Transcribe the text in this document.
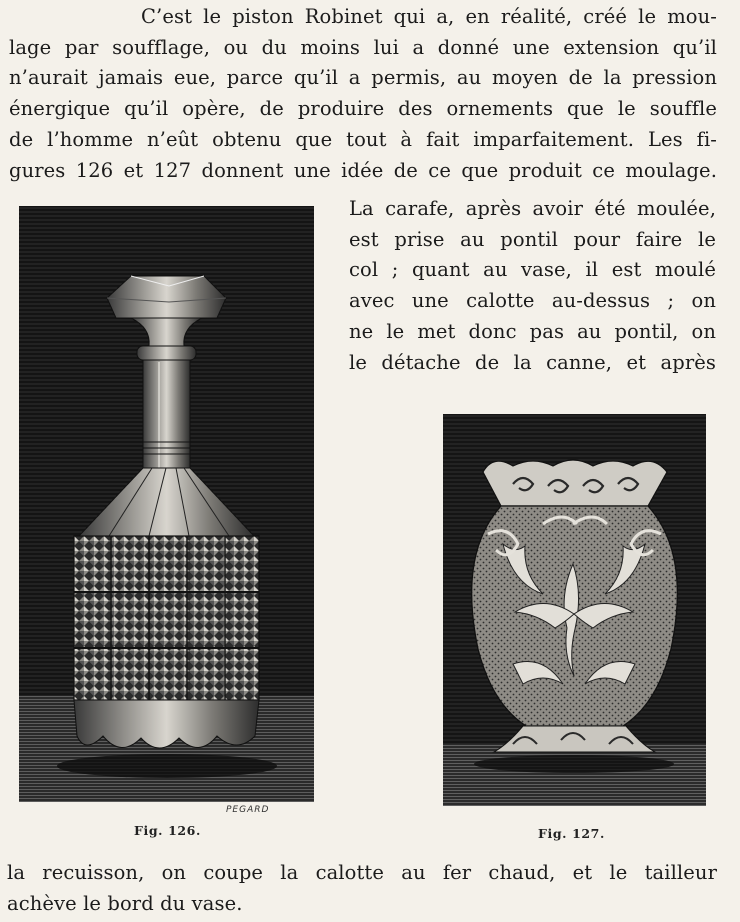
C’est le piston Robinet qui a, en réalité, créé le mou-
lage par soufflage, ou du moins lui a donné une extension qu’il
n’aurait jamais eue, parce qu’il a permis, au moyen de la pression
énergique qu’il opère, de produire des ornements que le souffle
de l’homme n’eût obtenu que tout à fait imparfaitement. Les fi-
gures 126 et 127 donnent une idée de ce que produit ce moulage.

La carafe, après avoir été moulée,
est prise au pontil pour faire le
col ; quant au vase, il est moulé
avec une calotte au-dessus ; on
ne le met donc pas au pontil, on
le détache de la canne, et après

PEGARD
Fig. 126.	Fig. 127.

la recuisson, on coupe la calotte au fer chaud, et le tailleur
achève le bord du vase.
